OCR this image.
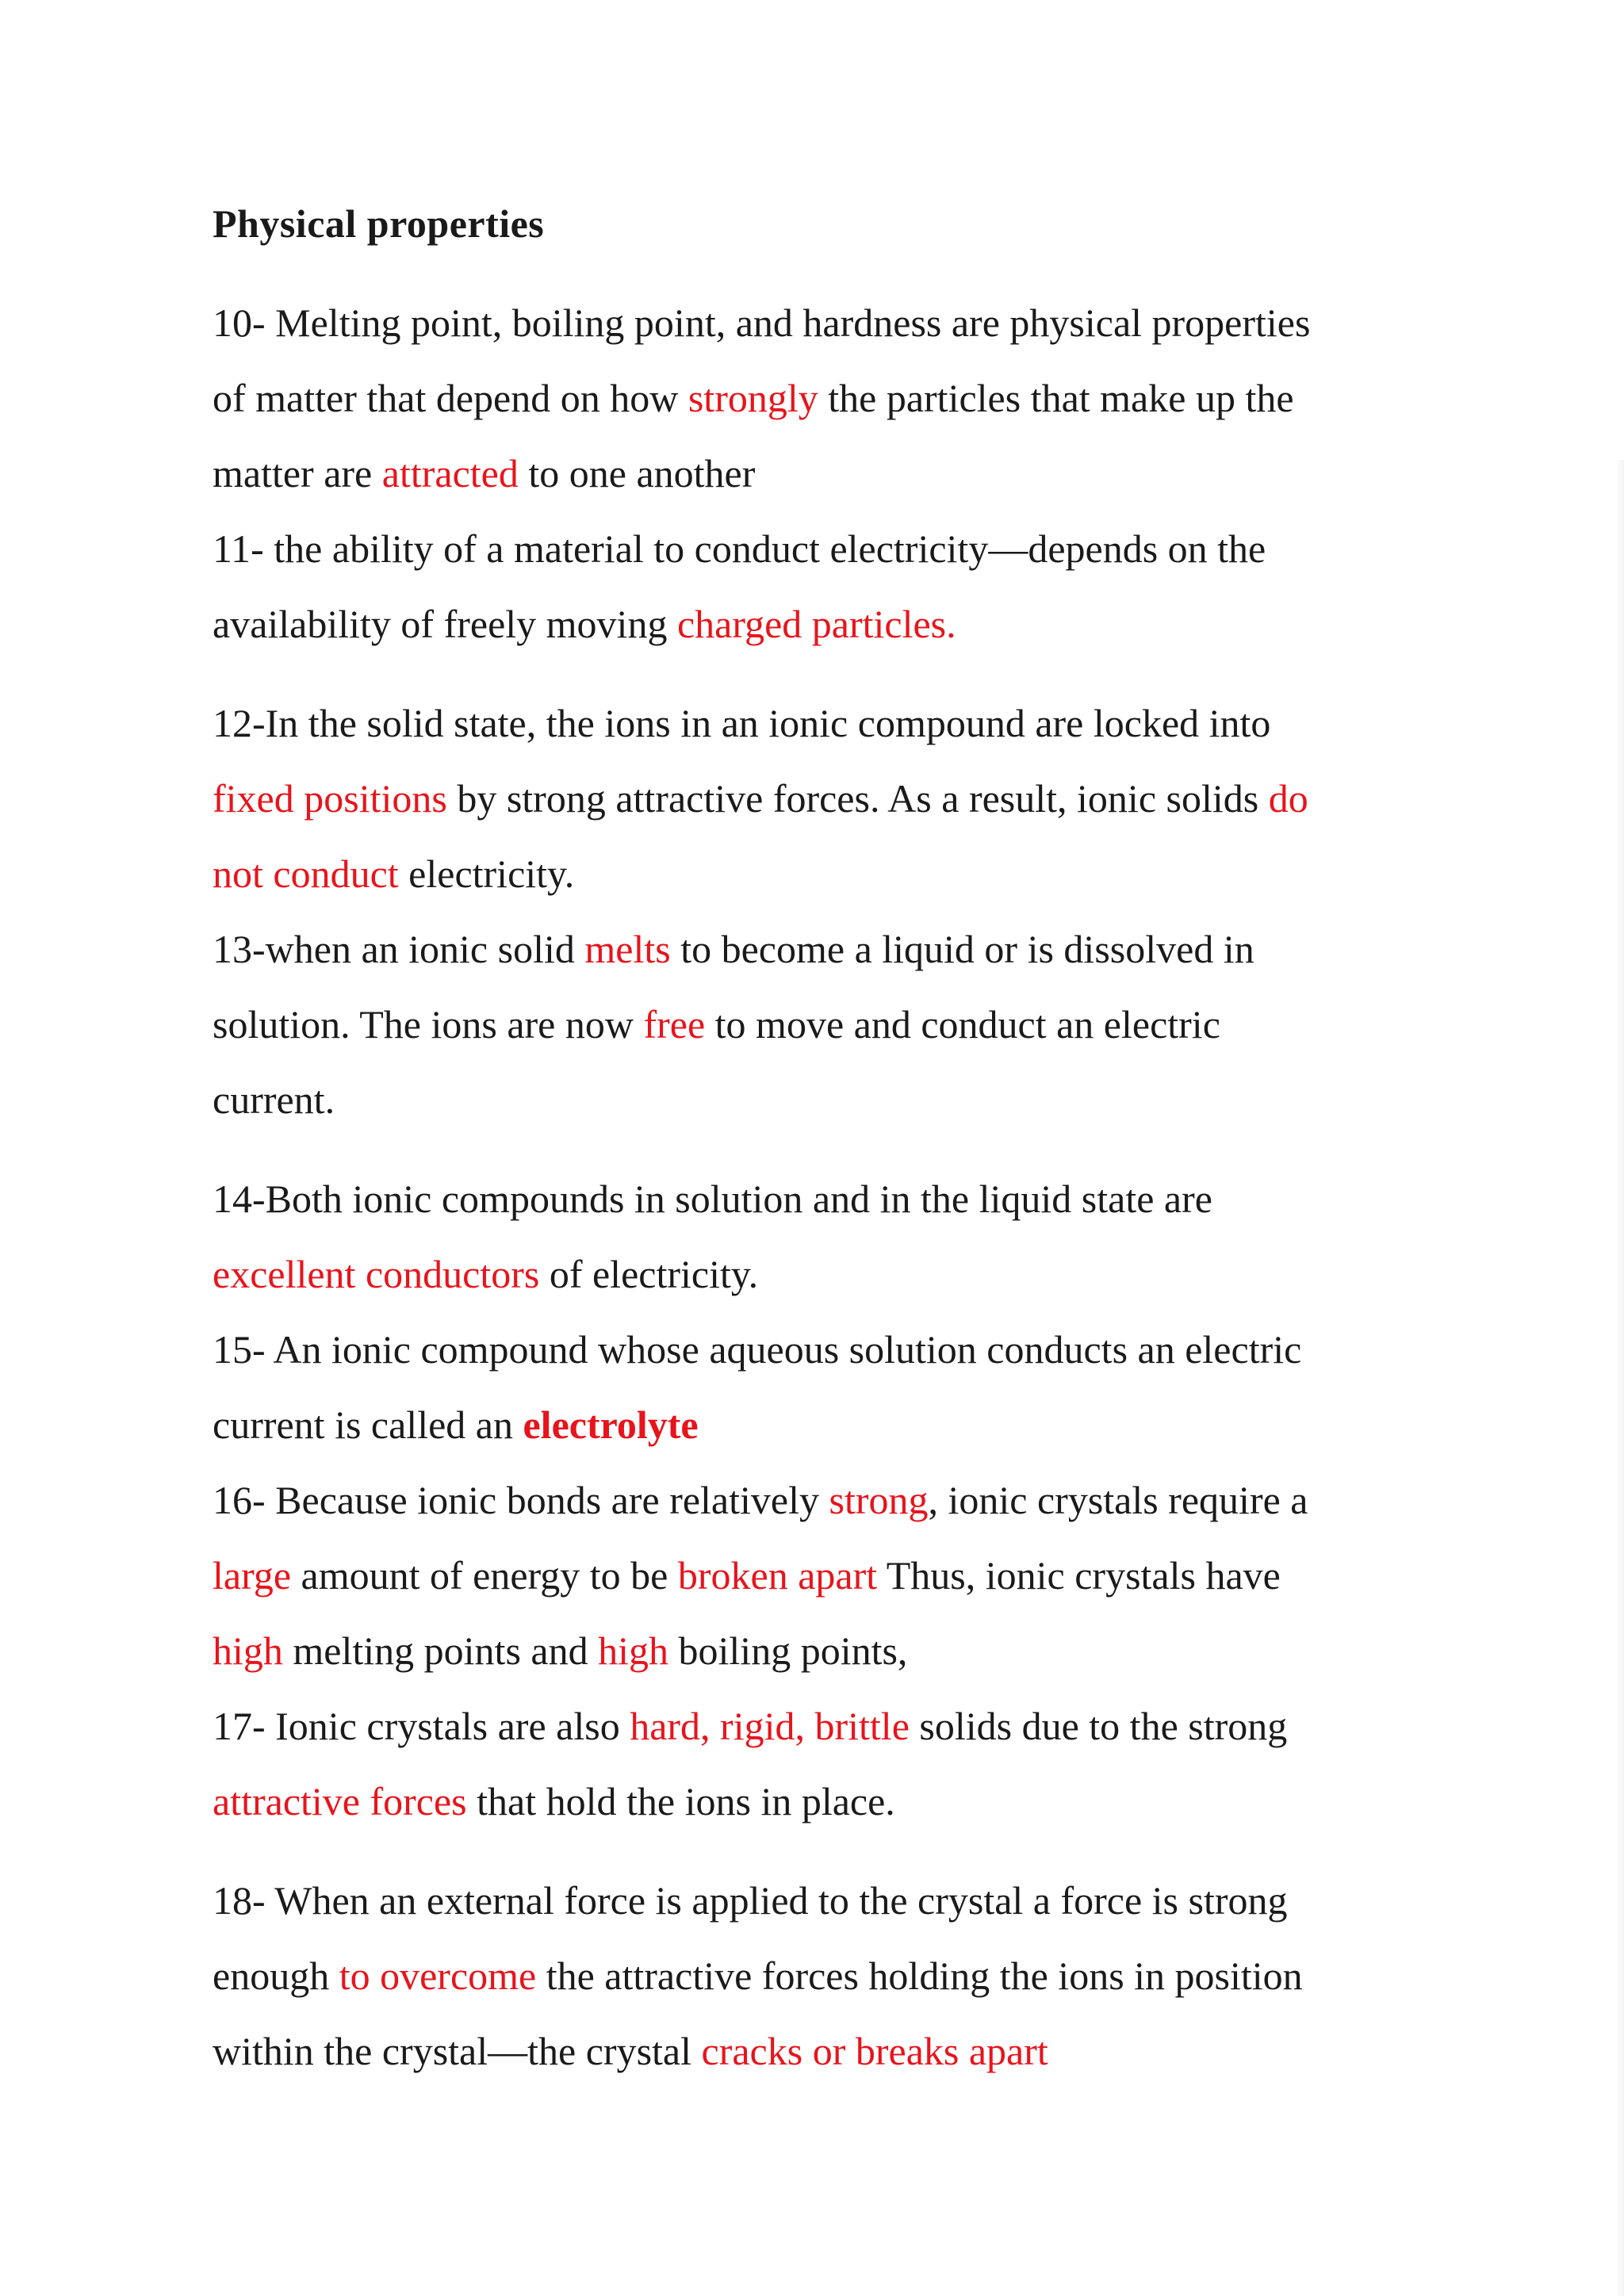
Physical properties

10- Melting point, boiling point, and hardness are physical properties

of matter that depend on how strongly the particles that make up the

matter are attracted to one another

11- the ability of a material to conduct electricity—depends on the

availability of freely moving charged particles.

12-In the solid state, the ions in an ionic compound are locked into

fixed positions by strong attractive forces. As a result, ionic solids do

not conduct electricity.

13-when an ionic solid melts to become a liquid or is dissolved in

solution. The ions are now free to move and conduct an electric

current.

14-Both ionic compounds in solution and in the liquid state are

excellent conductors of electricity.

15- An ionic compound whose aqueous solution conducts an electric

current is called an electrolyte

16- Because ionic bonds are relatively strong, ionic crystals require a

large amount of energy to be broken apart Thus, ionic crystals have

high melting points and high boiling points,

17- Ionic crystals are also hard, rigid, brittle solids due to the strong

attractive forces that hold the ions in place.

18- When an external force is applied to the crystal a force is strong

enough to overcome the attractive forces holding the ions in position

within the crystal—the crystal cracks or breaks apart
